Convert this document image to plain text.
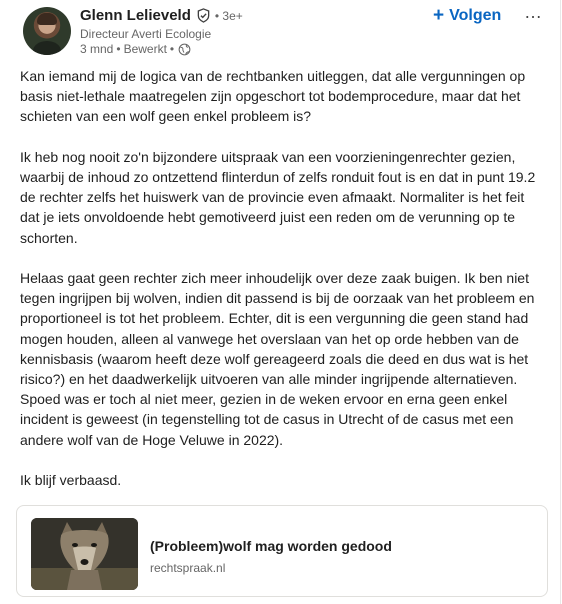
Glenn Lelieveld • 3e+
Directeur Averti Ecologie
3 mnd • Bewerkt •
+ Volgen …

Kan iemand mij de logica van de rechtbanken uitleggen, dat alle vergunningen op basis niet-lethale maatregelen zijn opgeschort tot bodemprocedure, maar dat het schieten van een wolf geen enkel probleem is?

Ik heb nog nooit zo'n bijzondere uitspraak van een voorzieningenrechter gezien, waarbij de inhoud zo ontzettend flinterdun of zelfs ronduit fout is en dat in punt 19.2 de rechter zelfs het huiswerk van de provincie even afmaakt. Normaliter is het feit dat je iets onvoldoende hebt gemotiveerd juist een reden om de verunning op te schorten.

Helaas gaat geen rechter zich meer inhoudelijk over deze zaak buigen. Ik ben niet tegen ingrijpen bij wolven, indien dit passend is bij de oorzaak van het probleem en proportioneel is tot het probleem. Echter, dit is een vergunning die geen stand had mogen houden, alleen al vanwege het overslaan van het op orde hebben van de kennisbasis (waarom heeft deze wolf gereageerd zoals die deed en dus wat is het risico?) en het daadwerkelijk uitvoeren van alle minder ingrijpende alternatieven. Spoed was er toch al niet meer, gezien in de weken ervoor en erna geen enkel incident is geweest (in tegenstelling tot de casus in Utrecht of de casus met een andere wolf van de Hoge Veluwe in 2022).

Ik blijf verbaasd.

(Probleem)wolf mag worden gedood
rechtspraak.nl
